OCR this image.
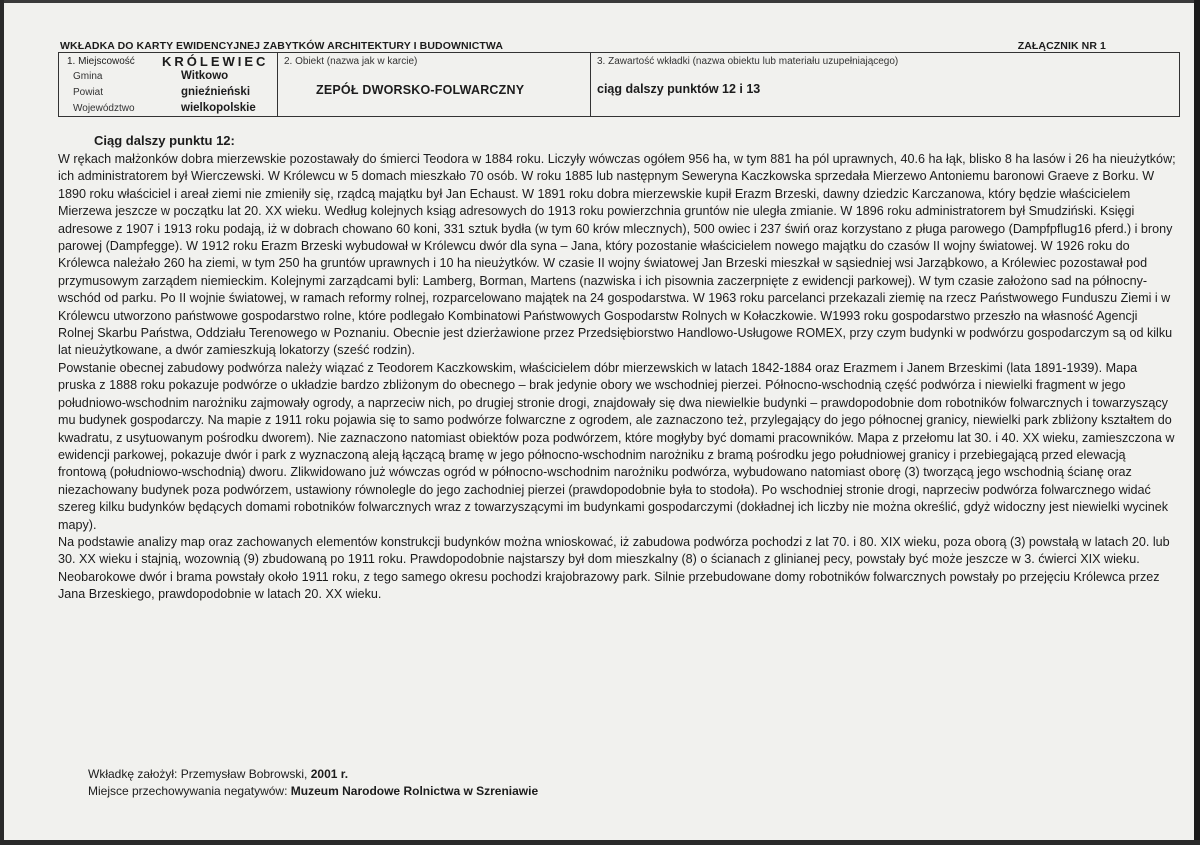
WKŁADKA DO KARTY EWIDENCYJNEJ ZABYTKÓW ARCHITEKTURY I BUDOWNICTWA	ZAŁĄCZNIK NR 1
1. Miejscowość KRÓLEWIEC
Gmina	Witkowo
Powiat	gnieźnieński
Województwo	wielkopolskie

2. Obiekt (nazwa jak w karcie)
ZEPÓŁ DWORSKO-FOLWARCZNY

3. Zawartość wkładki (nazwa obiektu lub materiału uzupełniającego)
ciąg dalszy punktów 12 i 13
Ciąg dalszy punktu 12:

W rękach małżonków dobra mierzewskie pozostawały do śmierci Teodora w 1884 roku. Liczyły wówczas ogółem 956 ha, w tym 881 ha pól uprawnych, 40.6 ha łąk, blisko 8 ha lasów i 26 ha nieużytków; ich administratorem był Wierczewski. W Królewcu w 5 domach mieszkało 70 osób. W roku 1885 lub następnym Seweryna Kaczkowska sprzedała Mierzewo Antoniemu baronowi Graeve z Borku. W 1890 roku właściciel i areał ziemi nie zmieniły się, rządcą majątku był Jan Echaust. W 1891 roku dobra mierzewskie kupił Erazm Brzeski, dawny dziedzic Karczanowa, który będzie właścicielem Mierzewa jeszcze w początku lat 20. XX wieku. Według kolejnych ksiąg adresowych do 1913 roku powierzchnia gruntów nie uległa zmianie. W 1896 roku administratorem był Smudziński. Księgi adresowe z 1907 i 1913 roku podają, iż w dobrach chowano 60 koni, 331 sztuk bydła (w tym 60 krów mlecznych), 500 owiec i 237 świń oraz korzystano z pługa parowego (Dampfpflug16 pferd.) i brony parowej (Dampfegge). W 1912 roku Erazm Brzeski wybudował w Królewcu dwór dla syna – Jana, który pozostanie właścicielem nowego majątku do czasów II wojny światowej. W 1926 roku do Królewca należało 260 ha ziemi, w tym 250 ha gruntów uprawnych i 10 ha nieużytków. W czasie II wojny światowej Jan Brzeski mieszkał w sąsiedniej wsi Jarząbkowo, a Królewiec pozostawał pod przymusowym zarządem niemieckim. Kolejnymi zarządcami byli: Lamberg, Borman, Martens (nazwiska i ich pisownia zaczerpnięte z ewidencji parkowej). W tym czasie założono sad na północny-wschód od parku. Po II wojnie światowej, w ramach reformy rolnej, rozparcelowano majątek na 24 gospodarstwa. W 1963 roku parcelanci przekazali ziemię na rzecz Państwowego Funduszu Ziemi i w Królewcu utworzono państwowe gospodarstwo rolne, które podlegało Kombinatowi Państwowych Gospodarstw Rolnych w Kołaczkowie. W1993 roku gospodarstwo przeszło na własność Agencji Rolnej Skarbu Państwa, Oddziału Terenowego w Poznaniu. Obecnie jest dzierżawione przez Przedsiębiorstwo Handlowo-Usługowe ROMEX, przy czym budynki w podwórzu gospodarczym są od kilku lat nieużytkowane, a dwór zamieszkują lokatorzy (sześć rodzin).

Powstanie obecnej zabudowy podwórza należy wiązać z Teodorem Kaczkowskim, właścicielem dóbr mierzewskich w latach 1842-1884 oraz Erazmem i Janem Brzeskimi (lata 1891-1939). Mapa pruska z 1888 roku pokazuje podwórze o układzie bardzo zbliżonym do obecnego – brak jedynie obory we wschodniej pierzei. Północno-wschodnią część podwórza i niewielki fragment w jego południowo-wschodnim narożniku zajmowały ogrody, a naprzeciw nich, po drugiej stronie drogi, znajdowały się dwa niewielkie budynki – prawdopodobnie dom robotników folwarcznych i towarzyszący mu budynek gospodarczy. Na mapie z 1911 roku pojawia się to samo podwórze folwarczne z ogrodem, ale zaznaczono też, przylegający do jego północnej granicy, niewielki park zbliżony kształtem do kwadratu, z usytuowanym pośrodku dworem). Nie zaznaczono natomiast obiektów poza podwórzem, które mogłyby być domami pracowników. Mapa z przełomu lat 30. i 40. XX wieku, zamieszczona w ewidencji parkowej, pokazuje dwór i park z wyznaczoną aleją łączącą bramę w jego północno-wschodnim narożniku z bramą pośrodku jego południowej granicy i przebiegającą przed elewacją frontową (południowo-wschodnią) dworu. Zlikwidowano już wówczas ogród w północno-wschodnim narożniku podwórza, wybudowano natomiast oborę (3) tworzącą jego wschodnią ścianę oraz niezachowany budynek poza podwórzem, ustawiony równolegle do jego zachodniej pierzei (prawdopodobnie była to stodoła). Po wschodniej stronie drogi, naprzeciw podwórza folwarcznego widać szereg kilku budynków będących domami robotników folwarcznych wraz z towarzyszącymi im budynkami gospodarczymi (dokładnej ich liczby nie można określić, gdyż widoczny jest niewielki wycinek mapy).

Na podstawie analizy map oraz zachowanych elementów konstrukcji budynków można wnioskować, iż zabudowa podwórza pochodzi z lat 70. i 80. XIX wieku, poza oborą (3) powstałą w latach 20. lub 30. XX wieku i stajnią, wozownią (9) zbudowaną po 1911 roku. Prawdopodobnie najstarszy był dom mieszkalny (8) o ścianach z glinianej pecy, powstały być może jeszcze w 3. ćwierci XIX wieku. Neobarokowe dwór i brama powstały około 1911 roku, z tego samego okresu pochodzi krajobrazowy park. Silnie przebudowane domy robotników folwarcznych powstały po przejęciu Królewca przez Jana Brzeskiego, prawdopodobnie w latach 20. XX wieku.

Wkładkę założył: Przemysław Bobrowski, 2001 r.
Miejsce przechowywania negatywów: Muzeum Narodowe Rolnictwa w Szreniawie
